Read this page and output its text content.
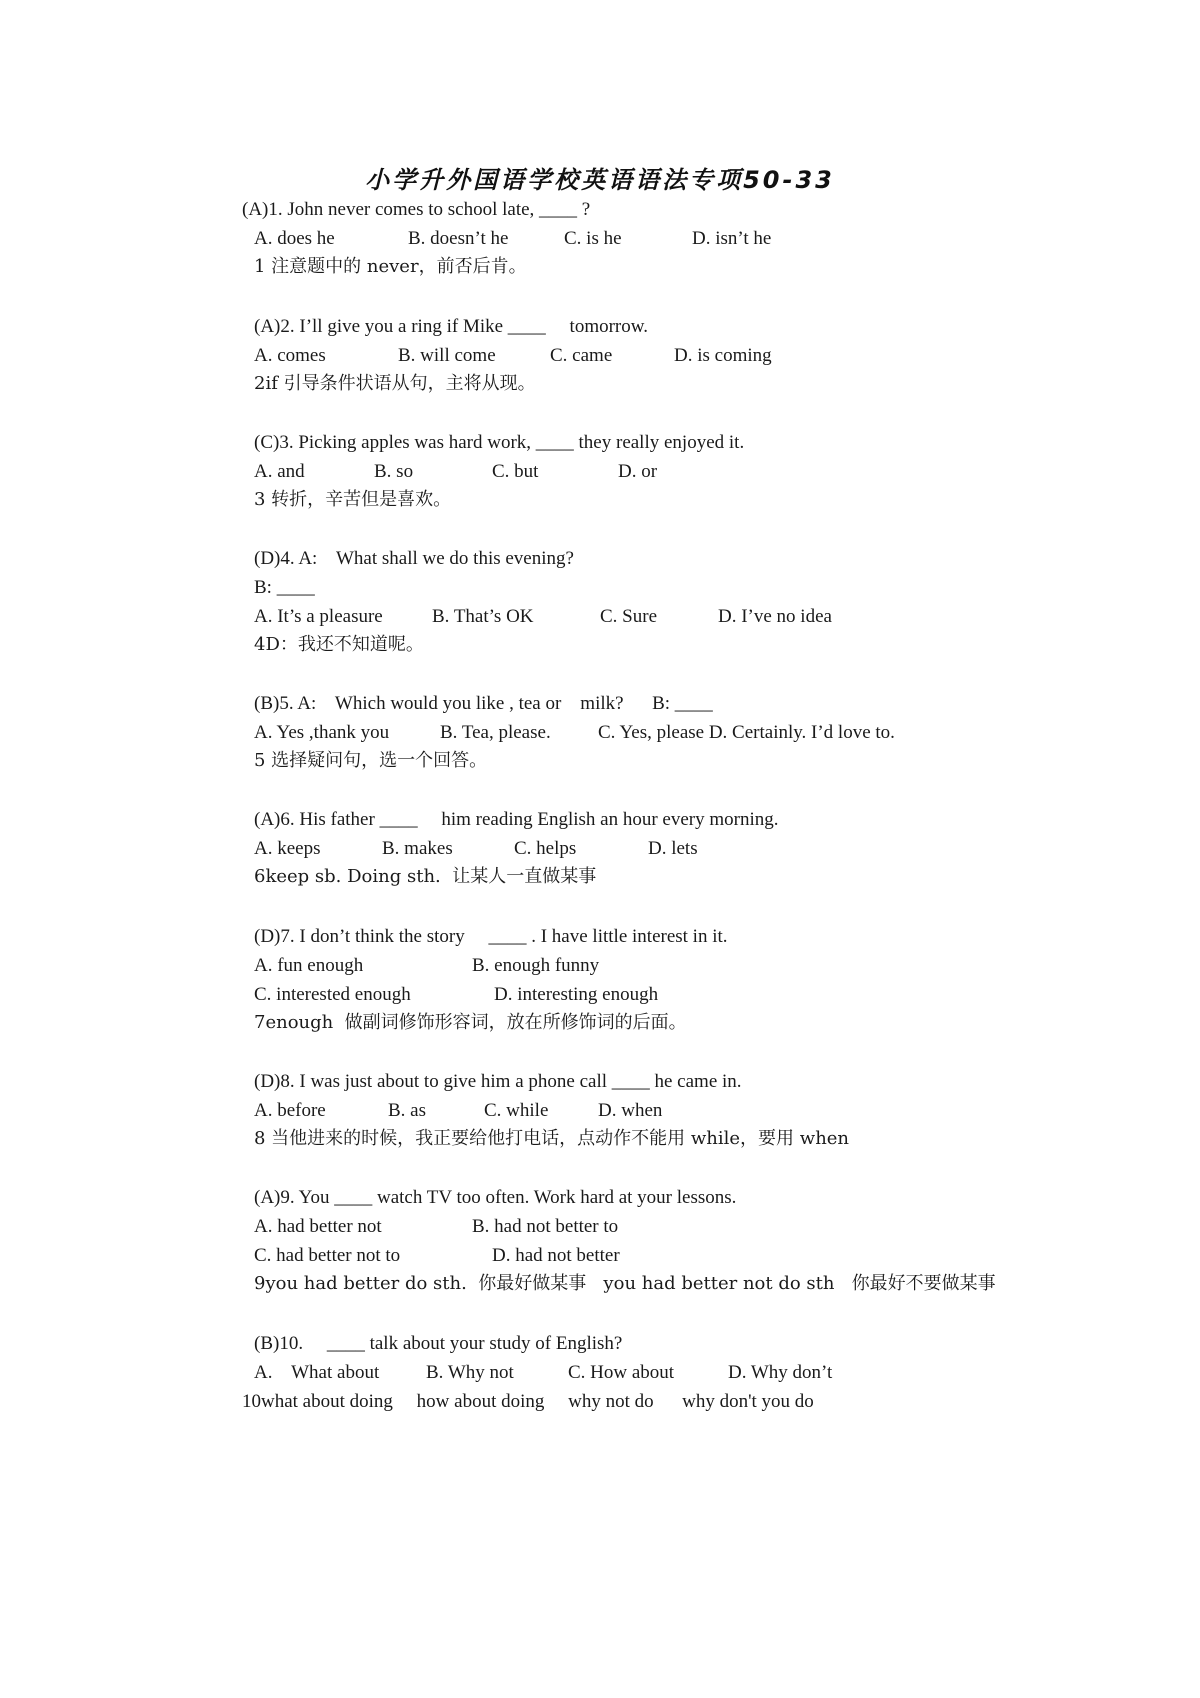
小学升外国语学校英语语法专项50-33
(A)1. John never comes to school late, ____ ?
A. does he	B. doesn’t he	C. is he	D. isn’t he
1 注意题中的 never，前否后肯。
(A)2. I’ll give you a ring if Mike ____     tomorrow.
A. comes	B. will come	C. came	D. is coming
2if 引导条件状语从句，主将从现。
(C)3. Picking apples was hard work, ____ they really enjoyed it.
A. and	B. so	C. but	D. or
3 转折，辛苦但是喜欢。
(D)4. A:    What shall we do this evening?
B: ____
A. It’s a pleasure	B. That’s OK	C. Sure	D. I’ve no idea
4D：我还不知道呢。
(B)5. A:    Which would you like , tea or    milk?      B: ____
A. Yes ,thank you	B. Tea, please. C. Yes, please D. Certainly. I’d love to.
5 选择疑问句，选一个回答。
(A)6. His father ____     him reading English an hour every morning.
A. keeps	B. makes	C. helps	D. lets
6keep sb. Doing sth.  让某人一直做某事
(D)7. I don’t think the story     ____ . I have little interest in it.
A. fun enough	B. enough funny
C. interested enough	D. interesting enough
7enough  做副词修饰形容词，放在所修饰词的后面。
(D)8. I was just about to give him a phone call ____ he came in.
A. before	B. as	C. while	D. when
8 当他进来的时候，我正要给他打电话，点动作不能用 while，要用 when
(A)9. You ____ watch TV too often. Work hard at your lessons.
A. had better not	B. had not better to
C. had better not to	D. had not better
9you had better do sth.  你最好做某事   you had better not do sth   你最好不要做某事
(B)10.     ____ talk about your study of English?
A.    What about B. Why not	C. How about	D. Why don’t
10what about doing     how about doing     why not do      why don't you do
